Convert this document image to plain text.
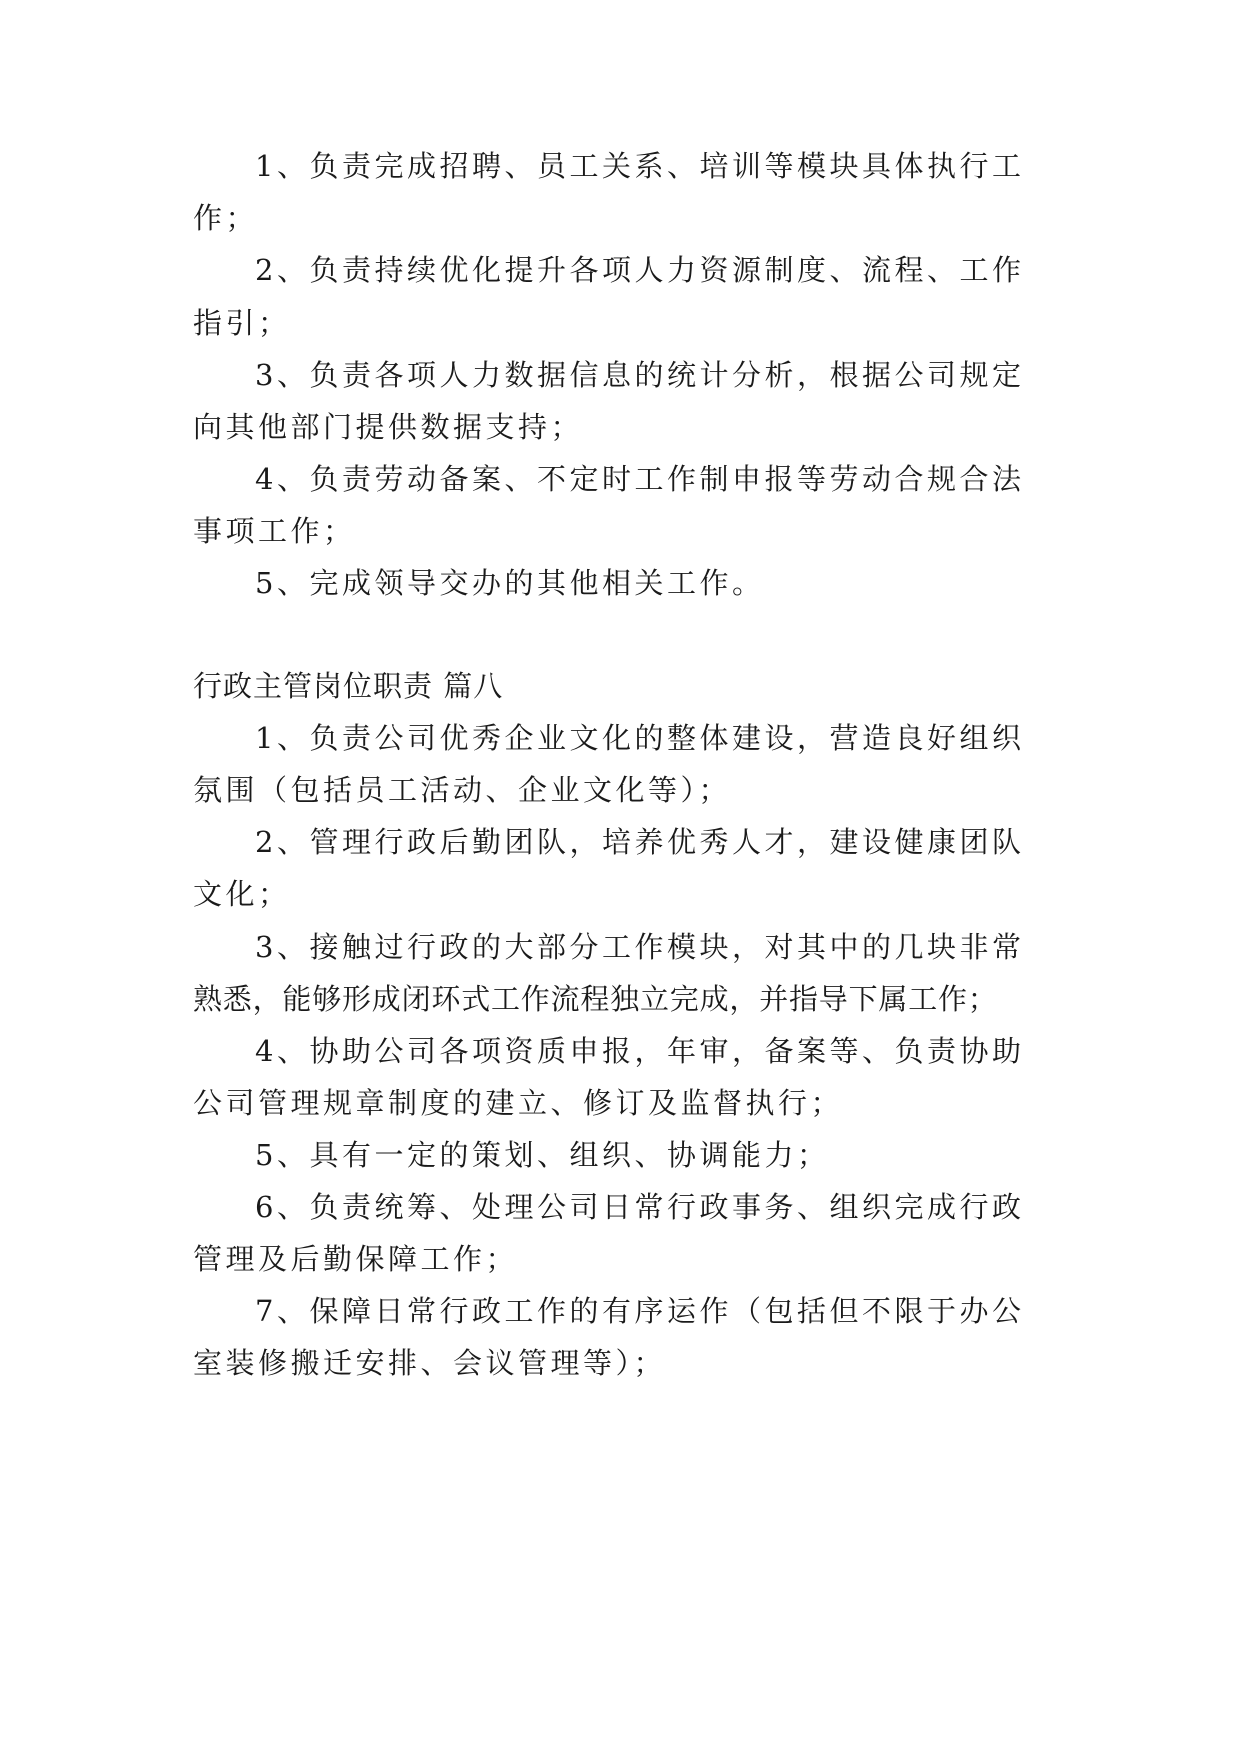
1、负责完成招聘、员工关系、培训等模块具体执行工
作；
2、负责持续优化提升各项人力资源制度、流程、工作
指引；
3、负责各项人力数据信息的统计分析，根据公司规定
向其他部门提供数据支持；
4、负责劳动备案、不定时工作制申报等劳动合规合法
事项工作；
5、完成领导交办的其他相关工作。
行政主管岗位职责 篇八
1、负责公司优秀企业文化的整体建设，营造良好组织
氛围（包括员工活动、企业文化等）；
2、管理行政后勤团队，培养优秀人才，建设健康团队
文化；
3、接触过行政的大部分工作模块，对其中的几块非常
熟悉，能够形成闭环式工作流程独立完成，并指导下属工作；
4、协助公司各项资质申报，年审，备案等、负责协助
公司管理规章制度的建立、修订及监督执行；
5、具有一定的策划、组织、协调能力；
6、负责统筹、处理公司日常行政事务、组织完成行政
管理及后勤保障工作；
7、保障日常行政工作的有序运作（包括但不限于办公
室装修搬迁安排、会议管理等）；
